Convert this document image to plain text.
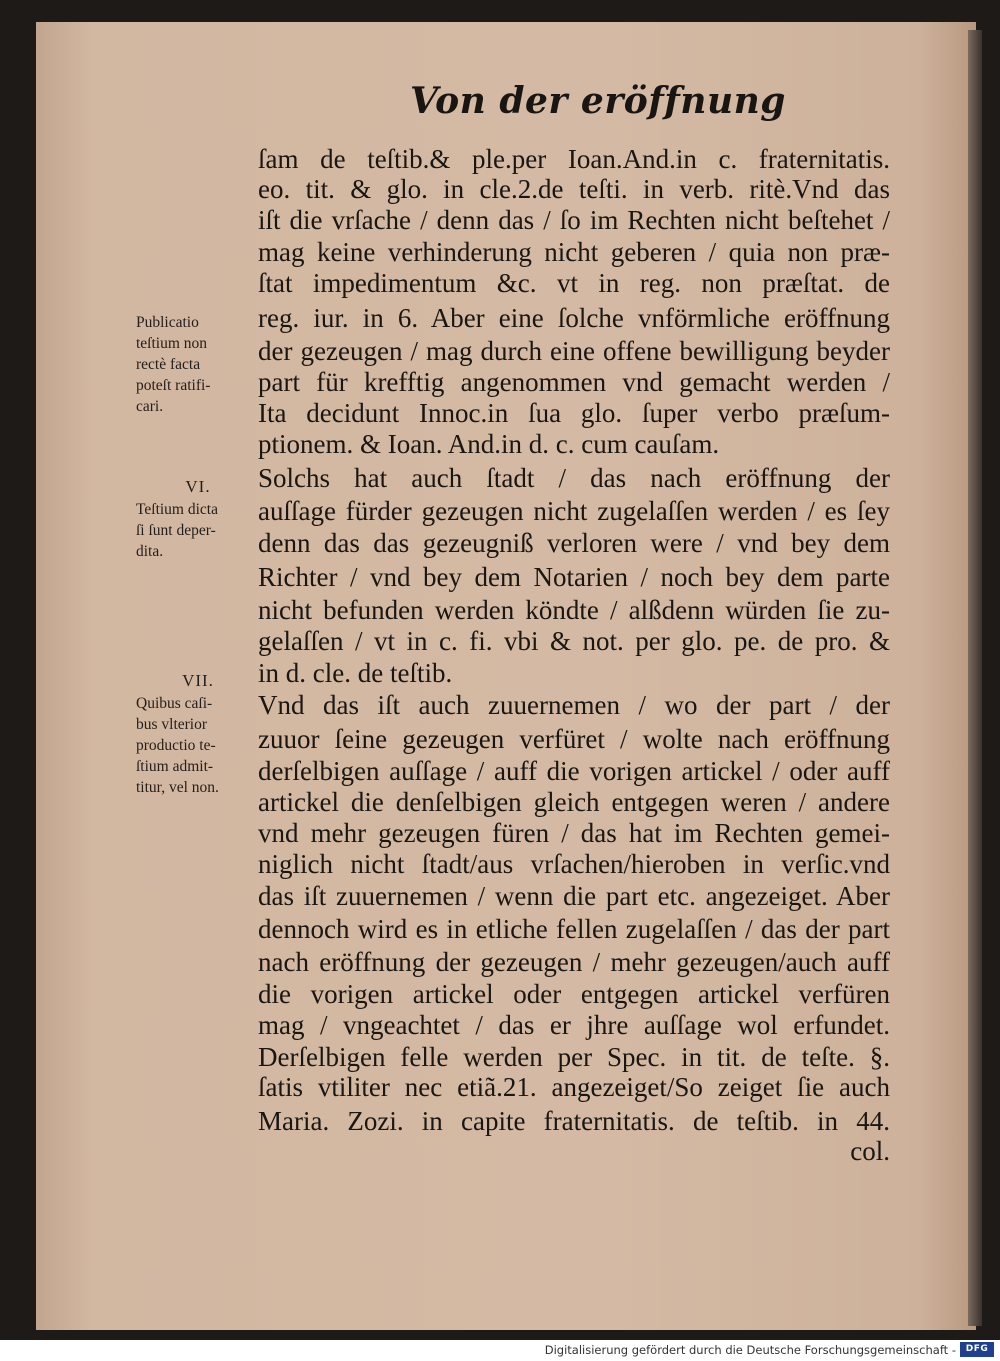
Von der eröffnung
ſam de teſtib.& ple.per Ioan.And.in c. fraternitatis.
eo. tit. & glo. in cle.2.de teſti. in verb. ritè.Vnd das
iſt die vrſache / denn das / ſo im Rechten nicht beſtehet /
mag keine verhinderung nicht geberen / quia non præ-
ſtat impedimentum &c. vt in reg. non præſtat. de
reg. iur. in 6. Aber eine ſolche vnförmliche eröffnung
der gezeugen / mag durch eine offene bewilligung beyder
part für krefftig angenommen vnd gemacht werden /
Ita decidunt Innoc.in ſua glo. ſuper verbo præſum-
ptionem. & Ioan. And.in d. c. cum cauſam.
Solchs hat auch ſtadt / das nach eröffnung der
auſſage fürder gezeugen nicht zugelaſſen werden / es ſey
denn das das gezeugniß verloren were / vnd bey dem
Richter / vnd bey dem Notarien / noch bey dem parte
nicht befunden werden köndte / alßdenn würden ſie zu-
gelaſſen / vt in c. fi. vbi & not. per glo. pe. de pro. &
in d. cle. de teſtib.
Vnd das iſt auch zuuernemen / wo der part / der
zuuor ſeine gezeugen verfüret / wolte nach eröffnung
derſelbigen auſſage / auff die vorigen artickel / oder auff
artickel die denſelbigen gleich entgegen weren / andere
vnd mehr gezeugen füren / das hat im Rechten gemei-
niglich nicht ſtadt/aus vrſachen/hieroben in verſic.vnd
das iſt zuuernemen / wenn die part etc. angezeiget. Aber
dennoch wird es in etliche fellen zugelaſſen / das der part
nach eröffnung der gezeugen / mehr gezeugen/auch auff
die vorigen artickel oder entgegen artickel verfüren
mag / vngeachtet / das er jhre auſſage wol erfundet.
Derſelbigen felle werden per Spec. in tit. de teſte. §.
ſatis vtiliter nec etiã.21. angezeiget/So zeiget ſie auch
Maria. Zozi. in capite fraternitatis. de teſtib. in 44.
col.
Publicatio
teſtium non
rectè facta
poteſt ratifi-
cari.
VI.
Teſtium dicta
ſi ſunt deper-
dita.
VII.
Quibus caſi-
bus vlterior
productio te-
ſtium admit-
titur, vel non.
Digitalisierung gefördert durch die Deutsche Forschungsgemeinschaft -	DFG
